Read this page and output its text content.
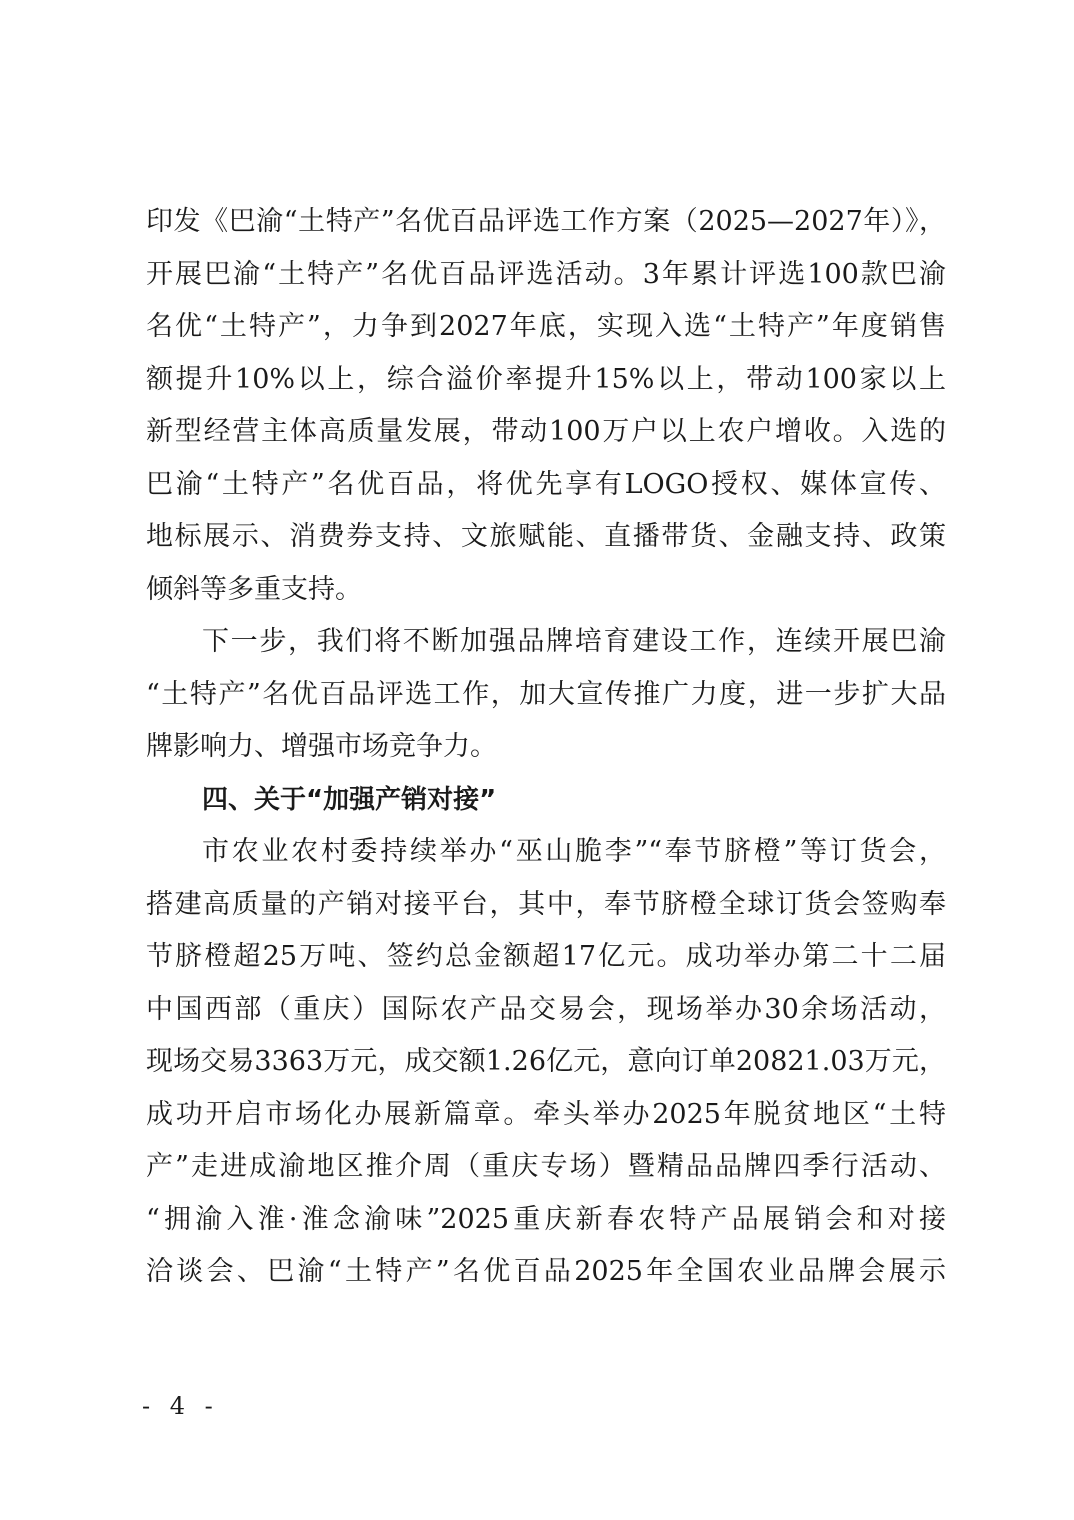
印发《巴渝“土特产”名优百品评选工作方案（2025—2027年）》，
开展巴渝“土特产”名优百品评选活动。3年累计评选100款巴渝
名优“土特产”，力争到2027年底，实现入选“土特产”年度销售
额提升10%以上，综合溢价率提升15%以上，带动100家以上
新型经营主体高质量发展，带动100万户以上农户增收。入选的
巴渝“土特产”名优百品，将优先享有LOGO授权、媒体宣传、
地标展示、消费券支持、文旅赋能、直播带货、金融支持、政策
倾斜等多重支持。
下一步，我们将不断加强品牌培育建设工作，连续开展巴渝
“土特产”名优百品评选工作，加大宣传推广力度，进一步扩大品
牌影响力、增强市场竞争力。
四、关于“加强产销对接”
市农业农村委持续举办“巫山脆李”“奉节脐橙”等订货会，
搭建高质量的产销对接平台，其中，奉节脐橙全球订货会签购奉
节脐橙超25万吨、签约总金额超17亿元。成功举办第二十二届
中国西部（重庆）国际农产品交易会，现场举办30余场活动，
现场交易3363万元，成交额1.26亿元，意向订单20821.03万元，
成功开启市场化办展新篇章。牵头举办2025年脱贫地区“土特
产”走进成渝地区推介周（重庆专场）暨精品品牌四季行活动、
“拥渝入淮·淮念渝味”2025重庆新春农特产品展销会和对接
洽谈会、巴渝“土特产”名优百品2025年全国农业品牌会展示
- 4 -
